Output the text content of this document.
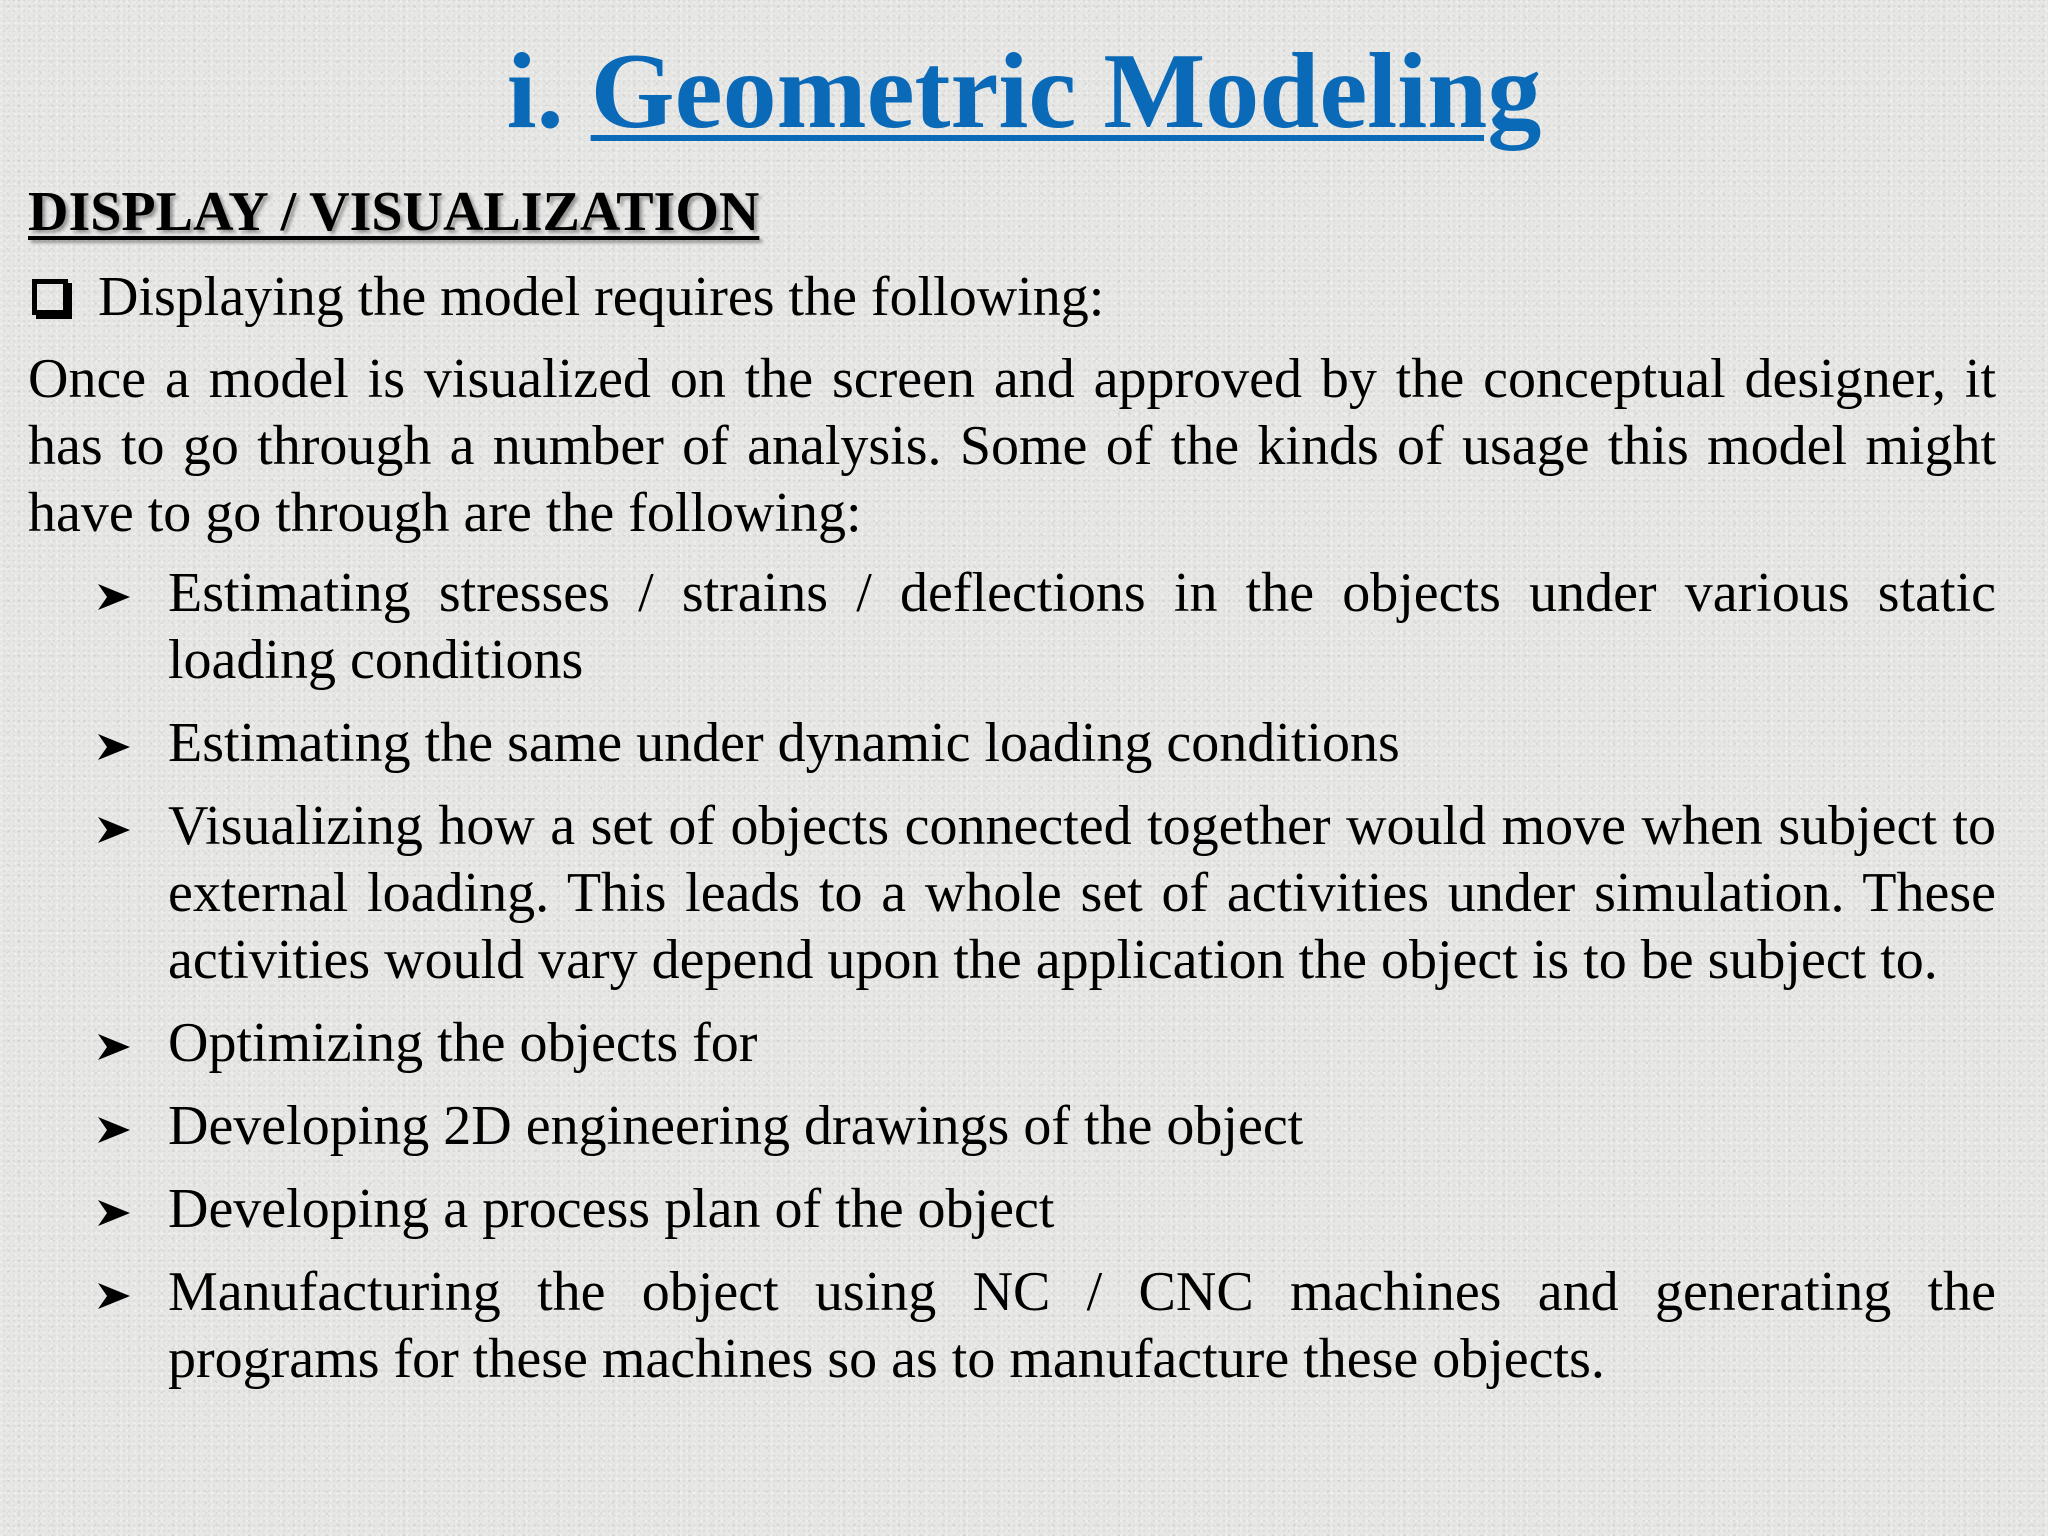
i. Geometric Modeling
DISPLAY / VISUALIZATION
Displaying the model requires the following:
Once a model is visualized on the screen and approved by the conceptual designer, it has to go through a number of analysis. Some of the kinds of usage this model might have to go through are the following:
Estimating stresses / strains / deflections in the objects under various static loading conditions
Estimating the same under dynamic loading conditions
Visualizing how a set of objects connected together would move when subject to external loading. This leads to a whole set of activities under simulation. These activities would vary depend upon the application the object is to be subject to.
Optimizing the objects for
Developing 2D engineering drawings of the object
Developing a process plan of the object
Manufacturing the object using NC / CNC machines and generating the programs for these machines so as to manufacture these objects.
